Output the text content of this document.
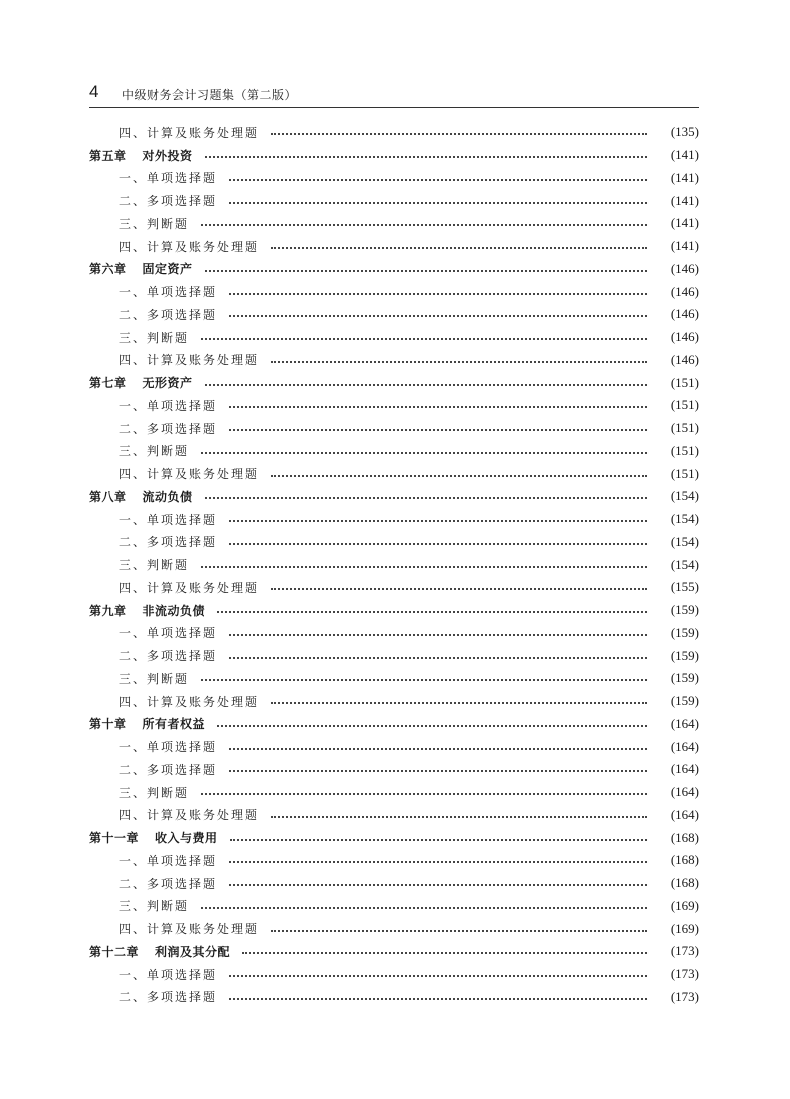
4 中级财务会计习题集（第二版）
四、计算及账务处理题	(135)
第五章 对外投资	(141)
一、单项选择题	(141)
二、多项选择题	(141)
三、判断题	(141)
四、计算及账务处理题	(141)
第六章 固定资产	(146)
一、单项选择题	(146)
二、多项选择题	(146)
三、判断题	(146)
四、计算及账务处理题	(146)
第七章 无形资产	(151)
一、单项选择题	(151)
二、多项选择题	(151)
三、判断题	(151)
四、计算及账务处理题	(151)
第八章 流动负债	(154)
一、单项选择题	(154)
二、多项选择题	(154)
三、判断题	(154)
四、计算及账务处理题	(155)
第九章 非流动负债	(159)
一、单项选择题	(159)
二、多项选择题	(159)
三、判断题	(159)
四、计算及账务处理题	(159)
第十章 所有者权益	(164)
一、单项选择题	(164)
二、多项选择题	(164)
三、判断题	(164)
四、计算及账务处理题	(164)
第十一章 收入与费用	(168)
一、单项选择题	(168)
二、多项选择题	(168)
三、判断题	(169)
四、计算及账务处理题	(169)
第十二章 利润及其分配	(173)
一、单项选择题	(173)
二、多项选择题	(173)
